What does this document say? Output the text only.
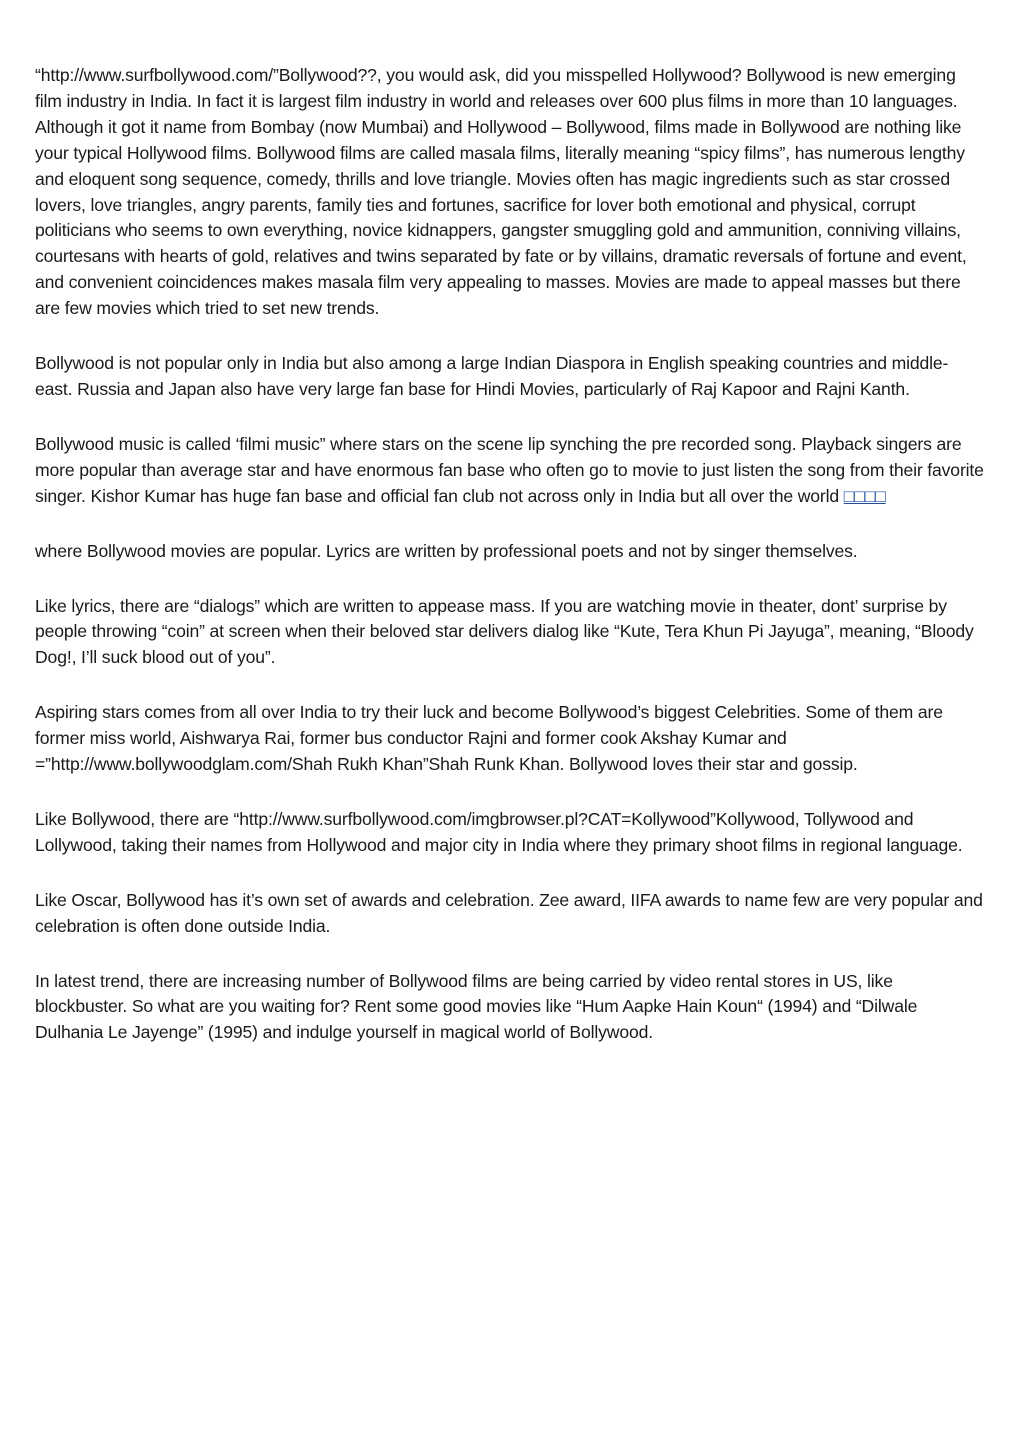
“http://www.surfbollywood.com/”Bollywood??, you would ask, did you misspelled Hollywood? Bollywood is new emerging film industry in India. In fact it is largest film industry in world and releases over 600 plus films in more than 10 languages. Although it got it name from Bombay (now Mumbai) and Hollywood – Bollywood, films made in Bollywood are nothing like your typical Hollywood films. Bollywood films are called masala films, literally meaning “spicy films”, has numerous lengthy and eloquent song sequence, comedy, thrills and love triangle. Movies often has magic ingredients such as star crossed lovers, love triangles, angry parents, family ties and fortunes, sacrifice for lover both emotional and physical, corrupt politicians who seems to own everything, novice kidnappers, gangster smuggling gold and ammunition, conniving villains, courtesans with hearts of gold, relatives and twins separated by fate or by villains, dramatic reversals of fortune and event, and convenient coincidences makes masala film very appealing to masses. Movies are made to appeal masses but there are few movies which tried to set new trends.

Bollywood is not popular only in India but also among a large Indian Diaspora in English speaking countries and middle-east. Russia and Japan also have very large fan base for Hindi Movies, particularly of Raj Kapoor and Rajni Kanth.

Bollywood music is called ‘filmi music” where stars on the scene lip synching the pre recorded song. Playback singers are more popular than average star and have enormous fan base who often go to movie to just listen the song from their favorite singer. Kishor Kumar has huge fan base and official fan club not across only in India but all over the world □□□□

where Bollywood movies are popular. Lyrics are written by professional poets and not by singer themselves.

Like lyrics, there are “dialogs” which are written to appease mass. If you are watching movie in theater, dont’ surprise by people throwing “coin” at screen when their beloved star delivers dialog like “Kute, Tera Khun Pi Jayuga”, meaning, “Bloody Dog!, I’ll suck blood out of you”.

Aspiring stars comes from all over India to try their luck and become Bollywood’s biggest Celebrities. Some of them are former miss world, Aishwarya Rai, former bus conductor Rajni and former cook Akshay Kumar and =”http://www.bollywoodglam.com/Shah Rukh Khan”Shah Runk Khan. Bollywood loves their star and gossip.

Like Bollywood, there are “http://www.surfbollywood.com/imgbrowser.pl?CAT=Kollywood”Kollywood, Tollywood and Lollywood, taking their names from Hollywood and major city in India where they primary shoot films in regional language.

Like Oscar, Bollywood has it’s own set of awards and celebration. Zee award, IIFA awards to name few are very popular and celebration is often done outside India.

In latest trend, there are increasing number of Bollywood films are being carried by video rental stores in US, like blockbuster. So what are you waiting for? Rent some good movies like “Hum Aapke Hain Koun“ (1994) and “Dilwale Dulhania Le Jayenge” (1995) and indulge yourself in magical world of Bollywood.
